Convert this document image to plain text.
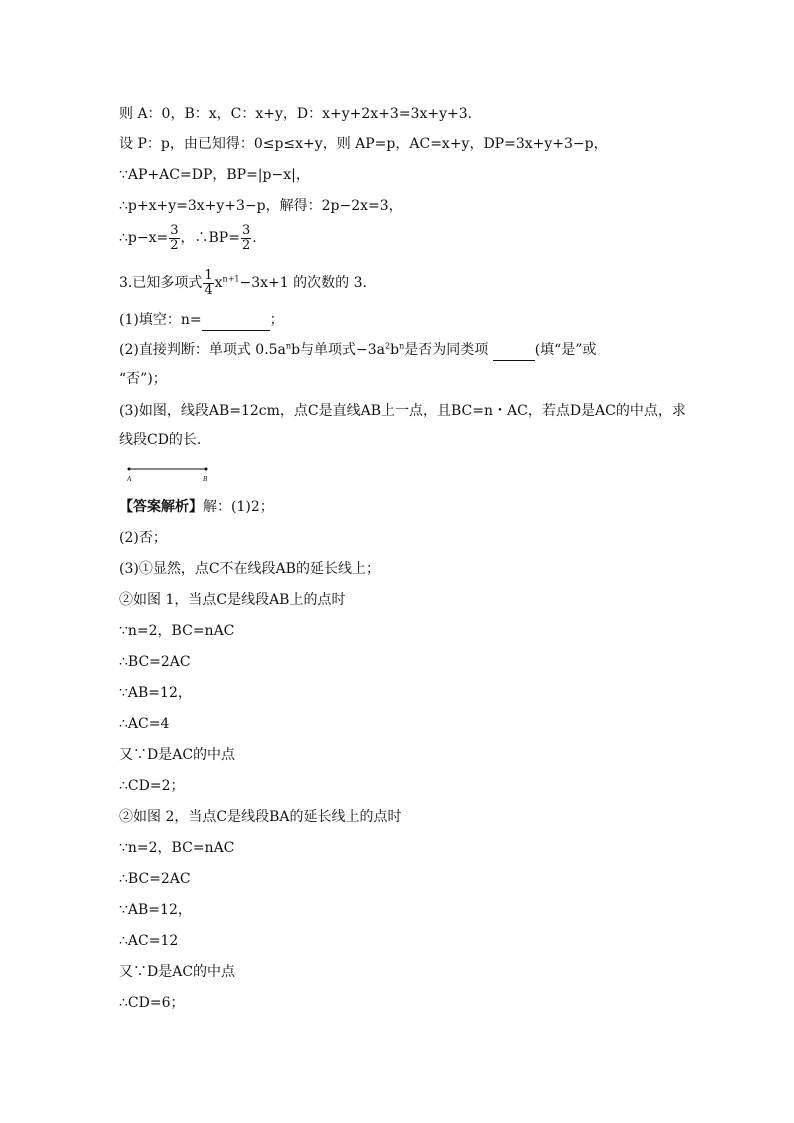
则 A：0，B：x，C：x+y，D：x+y+2x+3=3x+y+3.
设 P：p，由已知得：0≤p≤x+y，则 AP=p，AC=x+y，DP=3x+y+3−p，
∵AP+AC=DP，BP=|p−x|，
∴p+x+y=3x+y+3−p，解得：2p−2x=3，
∴p−x= $\frac{3}{2}$ ，∴BP= $\frac{3}{2}$ .
3.已知多项式 $\frac{1}{4} x^{n+1}-3x+1$ 的次数的 3.
(1)填空：n=	；
(2)直接判断：单项式 $0.5a^nb$与单项式$-3a^2b^n$是否为同类项	(填“是”或
“否”)；
(3)如图，线段AB=12cm，点C是直线AB上一点，且BC=n・AC，若点D是AC的中点，求
线段CD的长.
A	B
【答案解析】解：(1)2；
(2)否；
(3)①显然，点C不在线段AB的延长线上；
②如图 1，当点C是线段AB上的点时
∵n=2，BC=nAC
∴BC=2AC
∵AB=12，
∴AC=4
又∵D是AC的中点
∴CD=2；
②如图 2，当点C是线段BA的延长线上的点时
∵n=2，BC=nAC
∴BC=2AC
∵AB=12，
∴AC=12
又∵D是AC的中点
∴CD=6；
